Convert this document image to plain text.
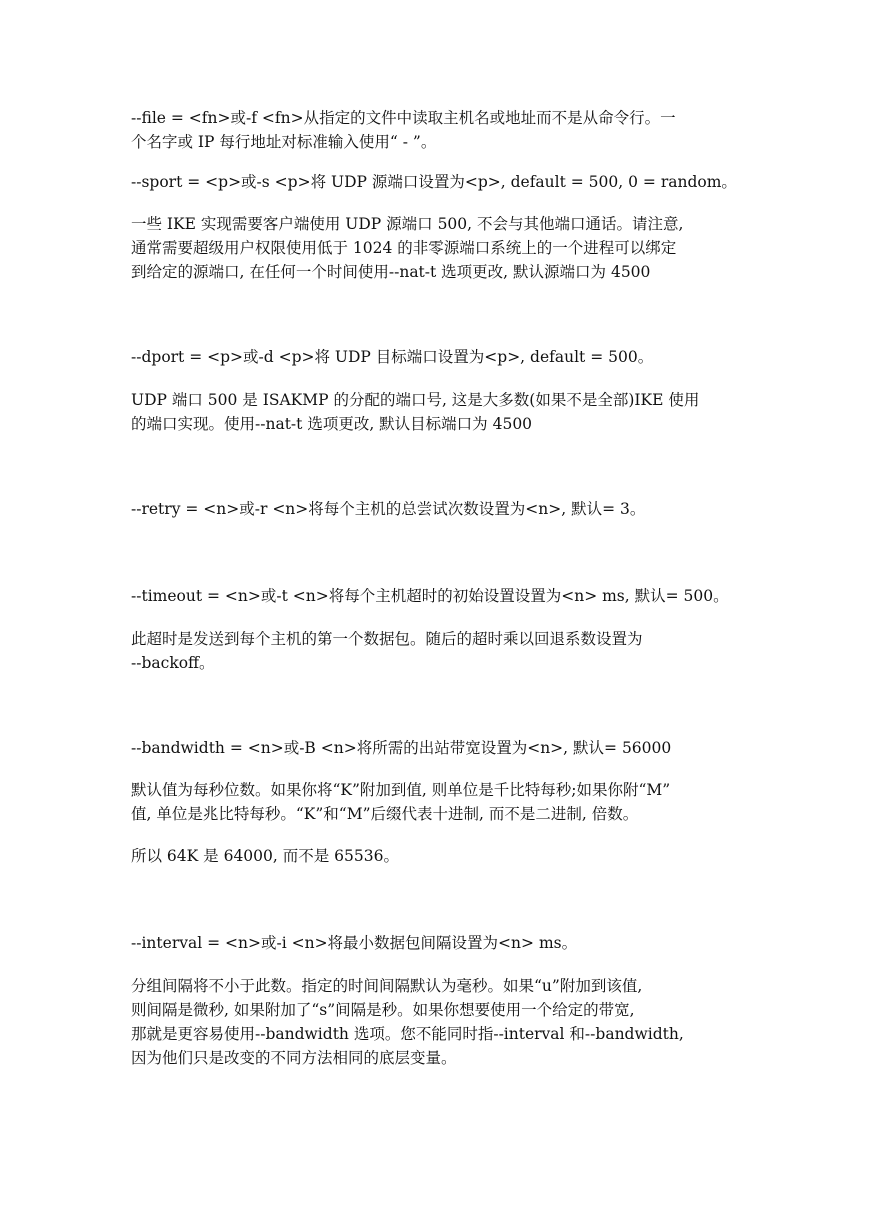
--file = <fn>或-f <fn>从指定的文件中读取主机名或地址而不是从命令行。一
个名字或 IP 每行地址对标准输入使用“ - ”。

--sport = <p>或-s <p>将 UDP 源端口设置为<p>, default = 500, 0 = random。

一些 IKE 实现需要客户端使用 UDP 源端口 500, 不会与其他端口通话。请注意,
通常需要超级用户权限使用低于 1024 的非零源端口系统上的一个进程可以绑定
到给定的源端口, 在任何一个时间使用--nat-t 选项更改, 默认源端口为 4500

--dport = <p>或-d <p>将 UDP 目标端口设置为<p>, default = 500。

UDP 端口 500 是 ISAKMP 的分配的端口号, 这是大多数(如果不是全部)IKE 使用
的端口实现。使用--nat-t 选项更改, 默认目标端口为 4500

--retry = <n>或-r <n>将每个主机的总尝试次数设置为<n>, 默认= 3。

--timeout = <n>或-t <n>将每个主机超时的初始设置设置为<n> ms, 默认= 500。

此超时是发送到每个主机的第一个数据包。随后的超时乘以回退系数设置为
--backoff。

--bandwidth = <n>或-B <n>将所需的出站带宽设置为<n>, 默认= 56000

默认值为每秒位数。如果你将“K”附加到值, 则单位是千比特每秒;如果你附“M”
值, 单位是兆比特每秒。“K”和“M”后缀代表十进制, 而不是二进制, 倍数。

所以 64K 是 64000, 而不是 65536。

--interval = <n>或-i <n>将最小数据包间隔设置为<n> ms。

分组间隔将不小于此数。指定的时间间隔默认为毫秒。如果“u”附加到该值,
则间隔是微秒, 如果附加了“s”间隔是秒。如果你想要使用一个给定的带宽,
那就是更容易使用--bandwidth 选项。您不能同时指--interval 和--bandwidth,
因为他们只是改变的不同方法相同的底层变量。
